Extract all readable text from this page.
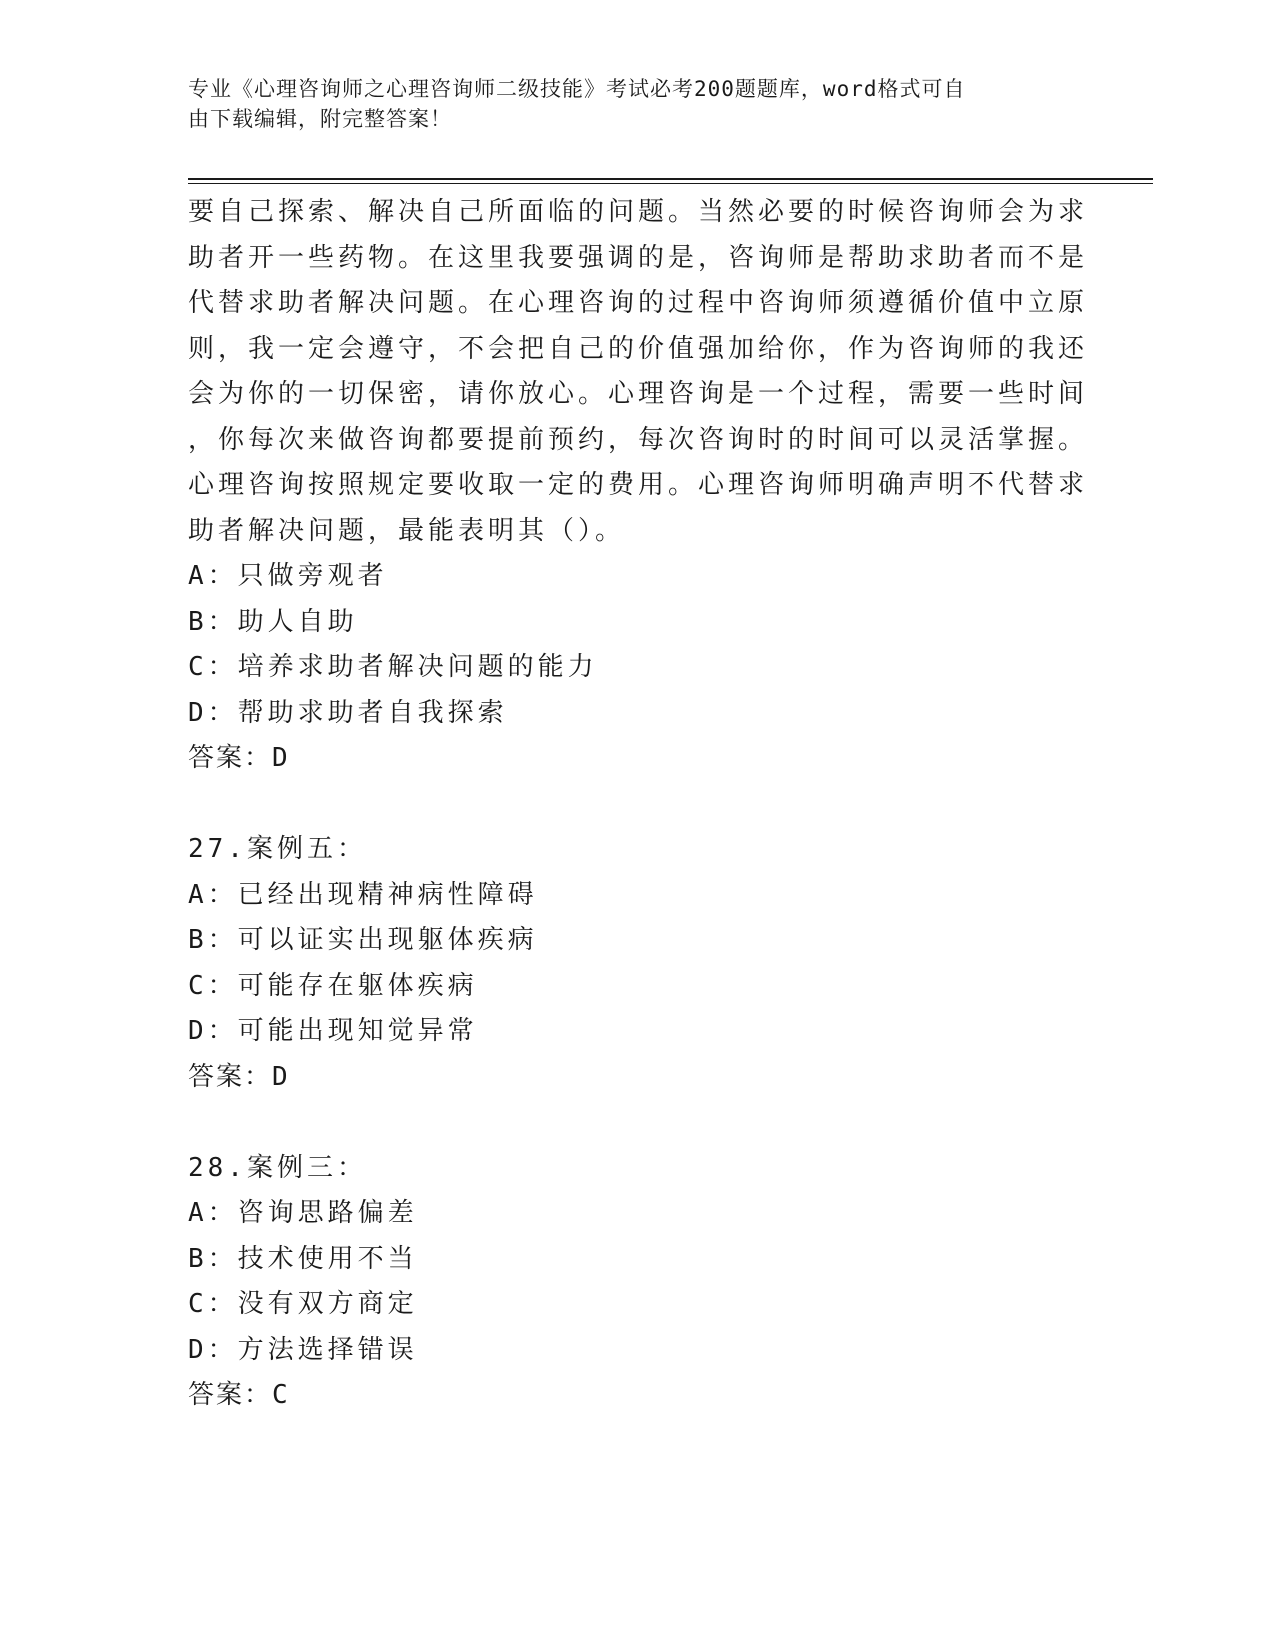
专业《心理咨询师之心理咨询师二级技能》考试必考200题题库，word格式可自
由下载编辑，附完整答案！
要自己探索、解决自己所面临的问题。当然必要的时候咨询师会为求
助者开一些药物。在这里我要强调的是，咨询师是帮助求助者而不是
代替求助者解决问题。在心理咨询的过程中咨询师须遵循价值中立原
则，我一定会遵守，不会把自己的价值强加给你，作为咨询师的我还
会为你的一切保密，请你放心。心理咨询是一个过程，需要一些时间
，你每次来做咨询都要提前预约，每次咨询时的时间可以灵活掌握。
心理咨询按照规定要收取一定的费用。心理咨询师明确声明不代替求
助者解决问题，最能表明其（）。
A：只做旁观者
B：助人自助
C：培养求助者解决问题的能力
D：帮助求助者自我探索
答案：D
27.案例五：
A：已经出现精神病性障碍
B：可以证实出现躯体疾病
C：可能存在躯体疾病
D：可能出现知觉异常
答案：D
28.案例三：
A：咨询思路偏差
B：技术使用不当
C：没有双方商定
D：方法选择错误
答案：C
